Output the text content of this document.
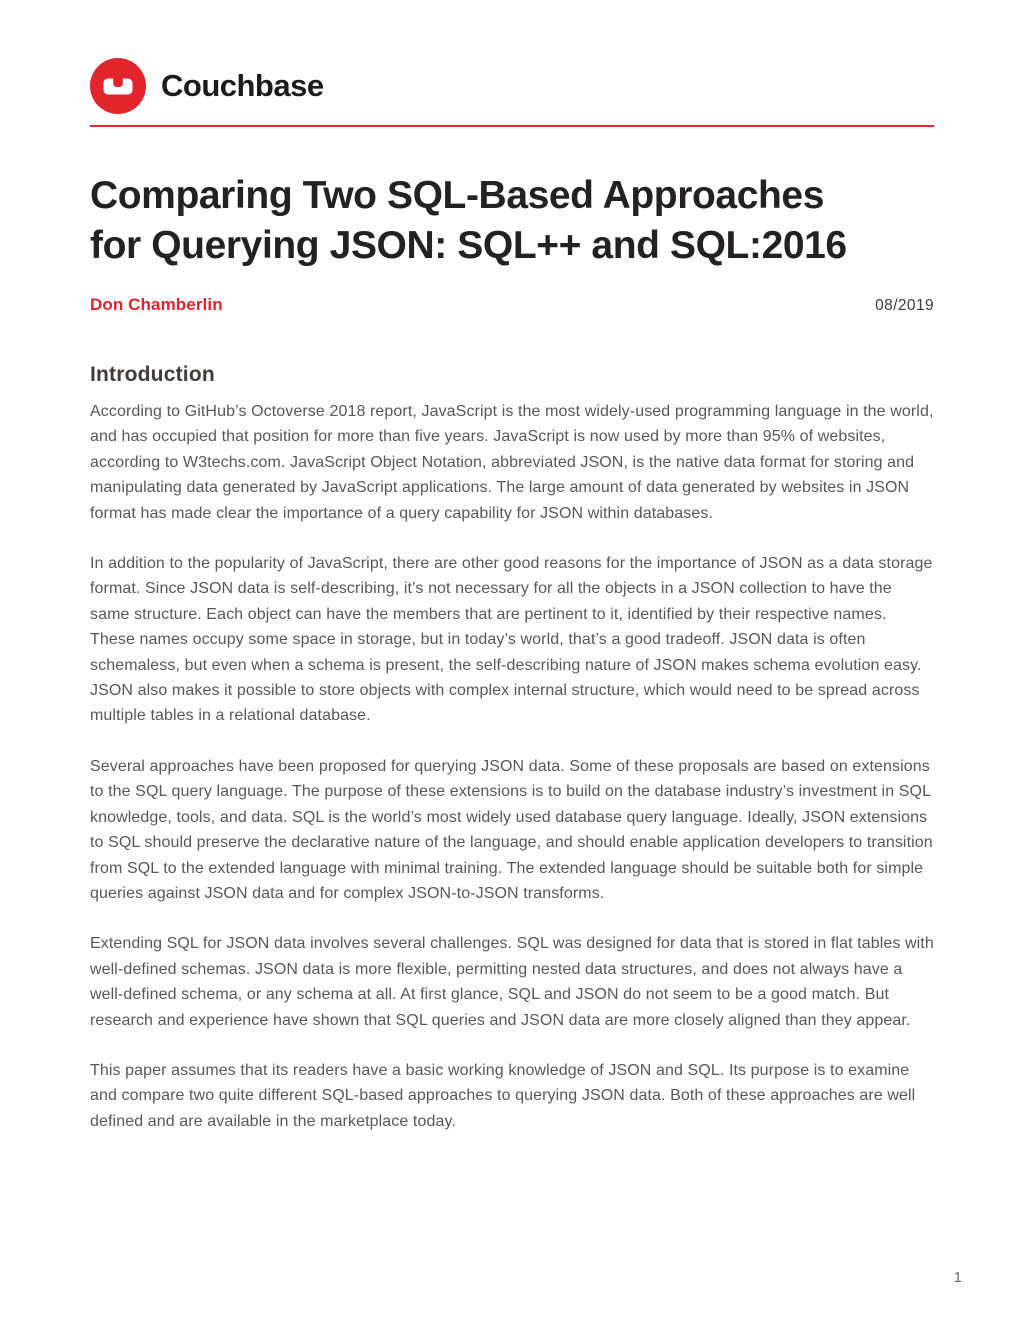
Couchbase
Comparing Two SQL-Based Approaches
for Querying JSON: SQL++ and SQL:2016
Don Chamberlin	08/2019
Introduction

According to GitHub’s Octoverse 2018 report, JavaScript is the most widely-used programming language in the world, and has occupied that position for more than five years. JavaScript is now used by more than 95% of websites, according to W3techs.com. JavaScript Object Notation, abbreviated JSON, is the native data format for storing and manipulating data generated by JavaScript applications. The large amount of data generated by websites in JSON format has made clear the importance of a query capability for JSON within databases.

In addition to the popularity of JavaScript, there are other good reasons for the importance of JSON as a data storage format. Since JSON data is self-describing, it’s not necessary for all the objects in a JSON collection to have the same structure. Each object can have the members that are pertinent to it, identified by their respective names. These names occupy some space in storage, but in today’s world, that’s a good tradeoff. JSON data is often schemaless, but even when a schema is present, the self-describing nature of JSON makes schema evolution easy. JSON also makes it possible to store objects with complex internal structure, which would need to be spread across multiple tables in a relational database.

Several approaches have been proposed for querying JSON data. Some of these proposals are based on extensions to the SQL query language. The purpose of these extensions is to build on the database industry’s investment in SQL knowledge, tools, and data. SQL is the world’s most widely used database query language. Ideally, JSON extensions to SQL should preserve the declarative nature of the language, and should enable application developers to transition from SQL to the extended language with minimal training. The extended language should be suitable both for simple queries against JSON data and for complex JSON-to-JSON transforms.

Extending SQL for JSON data involves several challenges. SQL was designed for data that is stored in flat tables with well-defined schemas. JSON data is more flexible, permitting nested data structures, and does not always have a well-defined schema, or any schema at all. At first glance, SQL and JSON do not seem to be a good match. But research and experience have shown that SQL queries and JSON data are more closely aligned than they appear.

This paper assumes that its readers have a basic working knowledge of JSON and SQL. Its purpose is to examine and compare two quite different SQL-based approaches to querying JSON data. Both of these approaches are well defined and are available in the marketplace today.

1
